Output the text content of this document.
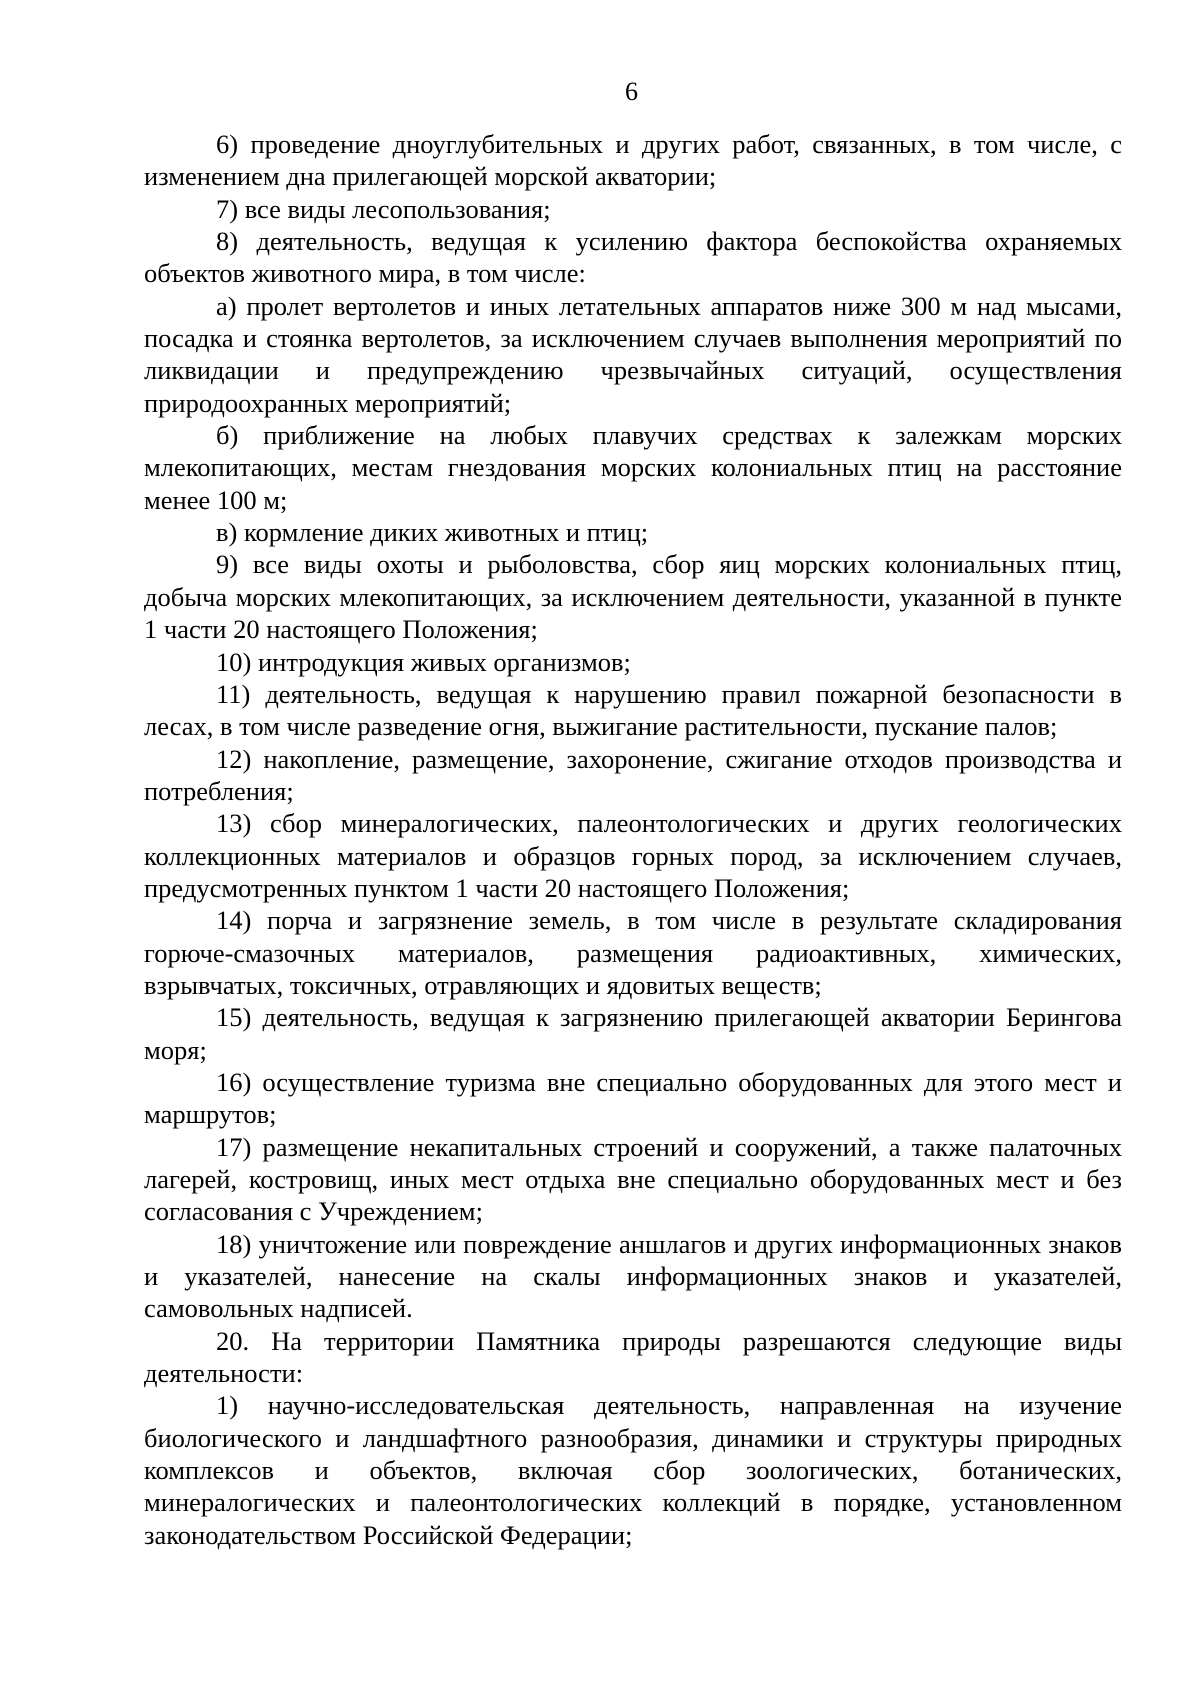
6

6) проведение дноуглубительных и других работ, связанных, в том числе, с изменением дна прилегающей морской акватории;

7) все виды лесопользования;

8) деятельность, ведущая к усилению фактора беспокойства охраняемых объектов животного мира, в том числе:

а) пролет вертолетов и иных летательных аппаратов ниже 300 м над мысами, посадка и стоянка вертолетов, за исключением случаев выполнения мероприятий по ликвидации и предупреждению чрезвычайных ситуаций, осуществления природоохранных мероприятий;

б) приближение на любых плавучих средствах к залежкам морских млекопитающих, местам гнездования морских колониальных птиц на расстояние менее 100 м;

в) кормление диких животных и птиц;

9) все виды охоты и рыболовства, сбор яиц морских колониальных птиц, добыча морских млекопитающих, за исключением деятельности, указанной в пункте 1 части 20 настоящего Положения;

10) интродукция живых организмов;

11) деятельность, ведущая к нарушению правил пожарной безопасности в лесах, в том числе разведение огня, выжигание растительности, пускание палов;

12) накопление, размещение, захоронение, сжигание отходов производства и потребления;

13) сбор минералогических, палеонтологических и других геологических коллекционных материалов и образцов горных пород, за исключением случаев, предусмотренных пунктом 1 части 20 настоящего Положения;

14) порча и загрязнение земель, в том числе в результате складирования горюче-смазочных материалов, размещения радиоактивных, химических, взрывчатых, токсичных, отравляющих и ядовитых веществ;

15) деятельность, ведущая к загрязнению прилегающей акватории Берингова моря;

16) осуществление туризма вне специально оборудованных для этого мест и маршрутов;

17) размещение некапитальных строений и сооружений, а также палаточных лагерей, костровищ, иных мест отдыха вне специально оборудованных мест и без согласования с Учреждением;

18) уничтожение или повреждение аншлагов и других информационных знаков и указателей, нанесение на скалы информационных знаков и указателей, самовольных надписей.

20. На территории Памятника природы разрешаются следующие виды деятельности:

1) научно-исследовательская деятельность, направленная на изучение биологического и ландшафтного разнообразия, динамики и структуры природных комплексов и объектов, включая сбор зоологических, ботанических, минералогических и палеонтологических коллекций в порядке, установленном законодательством Российской Федерации;
